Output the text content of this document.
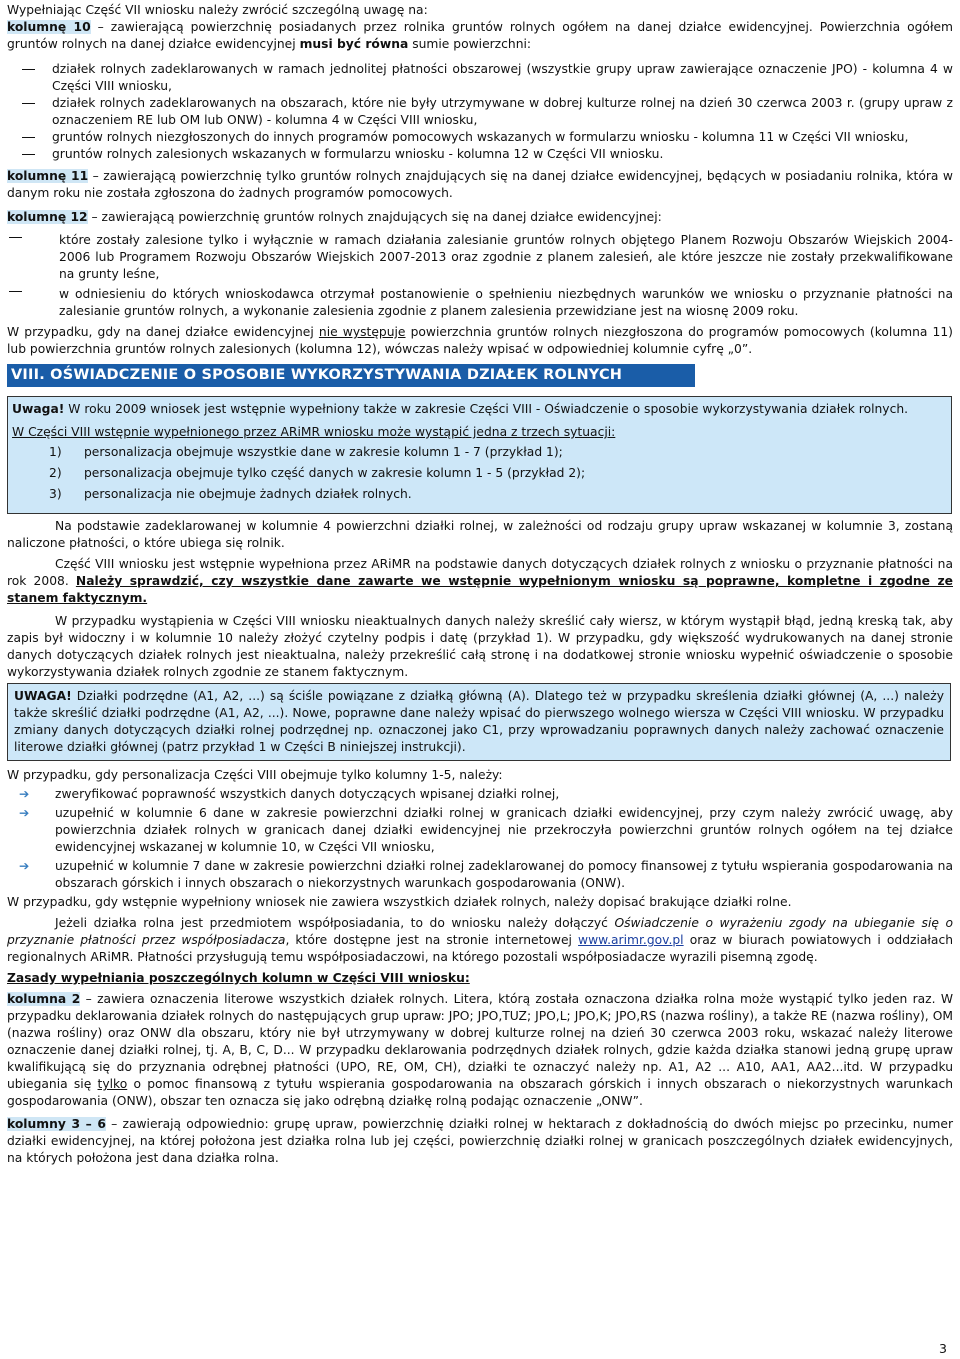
Wypełniając Część VII wniosku należy zwrócić szczególną uwagę na:

kolumnę 10 – zawierającą powierzchnię posiadanych przez rolnika gruntów rolnych ogółem na danej działce ewidencyjnej. Powierzchnia ogółem gruntów rolnych na danej działce ewidencyjnej musi być równa sumie powierzchni:

działek rolnych zadeklarowanych w ramach jednolitej płatności obszarowej (wszystkie grupy upraw zawierające oznaczenie JPO) - kolumna 4 w Części VIII wniosku,
działek rolnych zadeklarowanych na obszarach, które nie były utrzymywane w dobrej kulturze rolnej na dzień 30 czerwca 2003 r. (grupy upraw z oznaczeniem RE lub OM lub ONW) - kolumna 4 w Części VIII wniosku,
gruntów rolnych niezgłoszonych do innych programów pomocowych wskazanych w formularzu wniosku - kolumna 11 w Części VII wniosku,
gruntów rolnych zalesionych wskazanych w formularzu wniosku - kolumna 12 w Części VII wniosku.

kolumnę 11 – zawierającą powierzchnię tylko gruntów rolnych znajdujących się na danej działce ewidencyjnej, będących w posiadaniu rolnika, która w danym roku nie została zgłoszona do żadnych programów pomocowych.

kolumnę 12 – zawierającą powierzchnię gruntów rolnych znajdujących się na danej działce ewidencyjnej:

które zostały zalesione tylko i wyłącznie w ramach działania zalesianie gruntów rolnych objętego Planem Rozwoju Obszarów Wiejskich 2004-2006 lub Programem Rozwoju Obszarów Wiejskich 2007-2013 oraz zgodnie z planem zalesień, ale które jeszcze nie zostały przekwalifikowane na grunty leśne,
w odniesieniu do których wnioskodawca otrzymał postanowienie o spełnieniu niezbędnych warunków we wniosku o przyznanie płatności na zalesianie gruntów rolnych, a wykonanie zalesienia zgodnie z planem zalesienia przewidziane jest na wiosnę 2009 roku.

W przypadku, gdy na danej działce ewidencyjnej nie występuje powierzchnia gruntów rolnych niezgłoszona do programów pomocowych (kolumna 11) lub powierzchnia gruntów rolnych zalesionych (kolumna 12), wówczas należy wpisać w odpowiedniej kolumnie cyfrę „0”.

VIII. OŚWIADCZENIE O SPOSOBIE WYKORZYSTYWANIA DZIAŁEK ROLNYCH

Uwaga! W roku 2009 wniosek jest wstępnie wypełniony także w zakresie Części VIII - Oświadczenie o sposobie wykorzystywania działek rolnych.

W Części VIII wstępnie wypełnionego przez ARiMR wniosku może wystąpić jedna z trzech sytuacji:

1) personalizacja obejmuje wszystkie dane w zakresie kolumn 1 - 7 (przykład 1);
2) personalizacja obejmuje tylko część danych w zakresie kolumn 1 - 5 (przykład 2);
3) personalizacja nie obejmuje żadnych działek rolnych.

Na podstawie zadeklarowanej w kolumnie 4 powierzchni działki rolnej, w zależności od rodzaju grupy upraw wskazanej w kolumnie 3, zostaną naliczone płatności, o które ubiega się rolnik.

Część VIII wniosku jest wstępnie wypełniona przez ARiMR na podstawie danych dotyczących działek rolnych z wniosku o przyznanie płatności na rok 2008. Należy sprawdzić, czy wszystkie dane zawarte we wstępnie wypełnionym wniosku są poprawne, kompletne i zgodne ze stanem faktycznym.

W przypadku wystąpienia w Części VIII wniosku nieaktualnych danych należy skreślić cały wiersz, w którym wystąpił błąd, jedną kreską tak, aby zapis był widoczny i w kolumnie 10 należy złożyć czytelny podpis i datę (przykład 1). W przypadku, gdy większość wydrukowanych na danej stronie danych dotyczących działek rolnych jest nieaktualna, należy przekreślić całą stronę i na dodatkowej stronie wniosku wypełnić oświadczenie o sposobie wykorzystywania działek rolnych zgodnie ze stanem faktycznym.

UWAGA! Działki podrzędne (A1, A2, ...) są ściśle powiązane z działką główną (A). Dlatego też w przypadku skreślenia działki głównej (A, ...) należy także skreślić działki podrzędne (A1, A2, ...). Nowe, poprawne dane należy wpisać do pierwszego wolnego wiersza w Części VIII wniosku. W przypadku zmiany danych dotyczących działki rolnej podrzędnej np. oznaczonej jako C1, przy wprowadzaniu poprawnych danych należy zachować oznaczenie literowe działki głównej (patrz przykład 1 w Części B niniejszej instrukcji).

W przypadku, gdy personalizacja Części VIII obejmuje tylko kolumny 1-5, należy:

➔ zweryfikować poprawność wszystkich danych dotyczących wpisanej działki rolnej,
➔ uzupełnić w kolumnie 6 dane w zakresie powierzchni działki rolnej w granicach działki ewidencyjnej, przy czym należy zwrócić uwagę, aby powierzchnia działek rolnych w granicach danej działki ewidencyjnej nie przekroczyła powierzchni gruntów rolnych ogółem na tej działce ewidencyjnej wskazanej w kolumnie 10, w Części VII wniosku,
➔ uzupełnić w kolumnie 7 dane w zakresie powierzchni działki rolnej zadeklarowanej do pomocy finansowej z tytułu wspierania gospodarowania na obszarach górskich i innych obszarach o niekorzystnych warunkach gospodarowania (ONW).

W przypadku, gdy wstępnie wypełniony wniosek nie zawiera wszystkich działek rolnych, należy dopisać brakujące działki rolne.

Jeżeli działka rolna jest przedmiotem współposiadania, to do wniosku należy dołączyć Oświadczenie o wyrażeniu zgody na ubieganie się o przyznanie płatności przez współposiadacza, które dostępne jest na stronie internetowej www.arimr.gov.pl oraz w biurach powiatowych i oddziałach regionalnych ARiMR. Płatności przysługują temu współposiadaczowi, na którego pozostali współposiadacze wyrazili pisemną zgodę.

Zasady wypełniania poszczególnych kolumn w Części VIII wniosku:

kolumna 2 – zawiera oznaczenia literowe wszystkich działek rolnych. Litera, którą została oznaczona działka rolna może wystąpić tylko jeden raz. W przypadku deklarowania działek rolnych do następujących grup upraw: JPO; JPO,TUZ; JPO,L; JPO,K; JPO,RS (nazwa rośliny), a także RE (nazwa rośliny), OM (nazwa rośliny) oraz ONW dla obszaru, który nie był utrzymywany w dobrej kulturze rolnej na dzień 30 czerwca 2003 roku, wskazać należy literowe oznaczenie danej działki rolnej, tj. A, B, C, D... W przypadku deklarowania podrzędnych działek rolnych, gdzie każda działka stanowi jedną grupę upraw kwalifikującą się do przyznania odrębnej płatności (UPO, RE, OM, CH), działki te oznaczyć należy np. A1, A2 ... A10, AA1, AA2...itd. W przypadku ubiegania się tylko o pomoc finansową z tytułu wspierania gospodarowania na obszarach górskich i innych obszarach o niekorzystnych warunkach gospodarowania (ONW), obszar ten oznacza się jako odrębną działkę rolną podając oznaczenie „ONW”.

kolumny 3 – 6 – zawierają odpowiednio: grupę upraw, powierzchnię działki rolnej w hektarach z dokładnością do dwóch miejsc po przecinku, numer działki ewidencyjnej, na której położona jest działka rolna lub jej części, powierzchnię działki rolnej w granicach poszczególnych działek ewidencyjnych, na których położona jest dana działka rolna.

3
